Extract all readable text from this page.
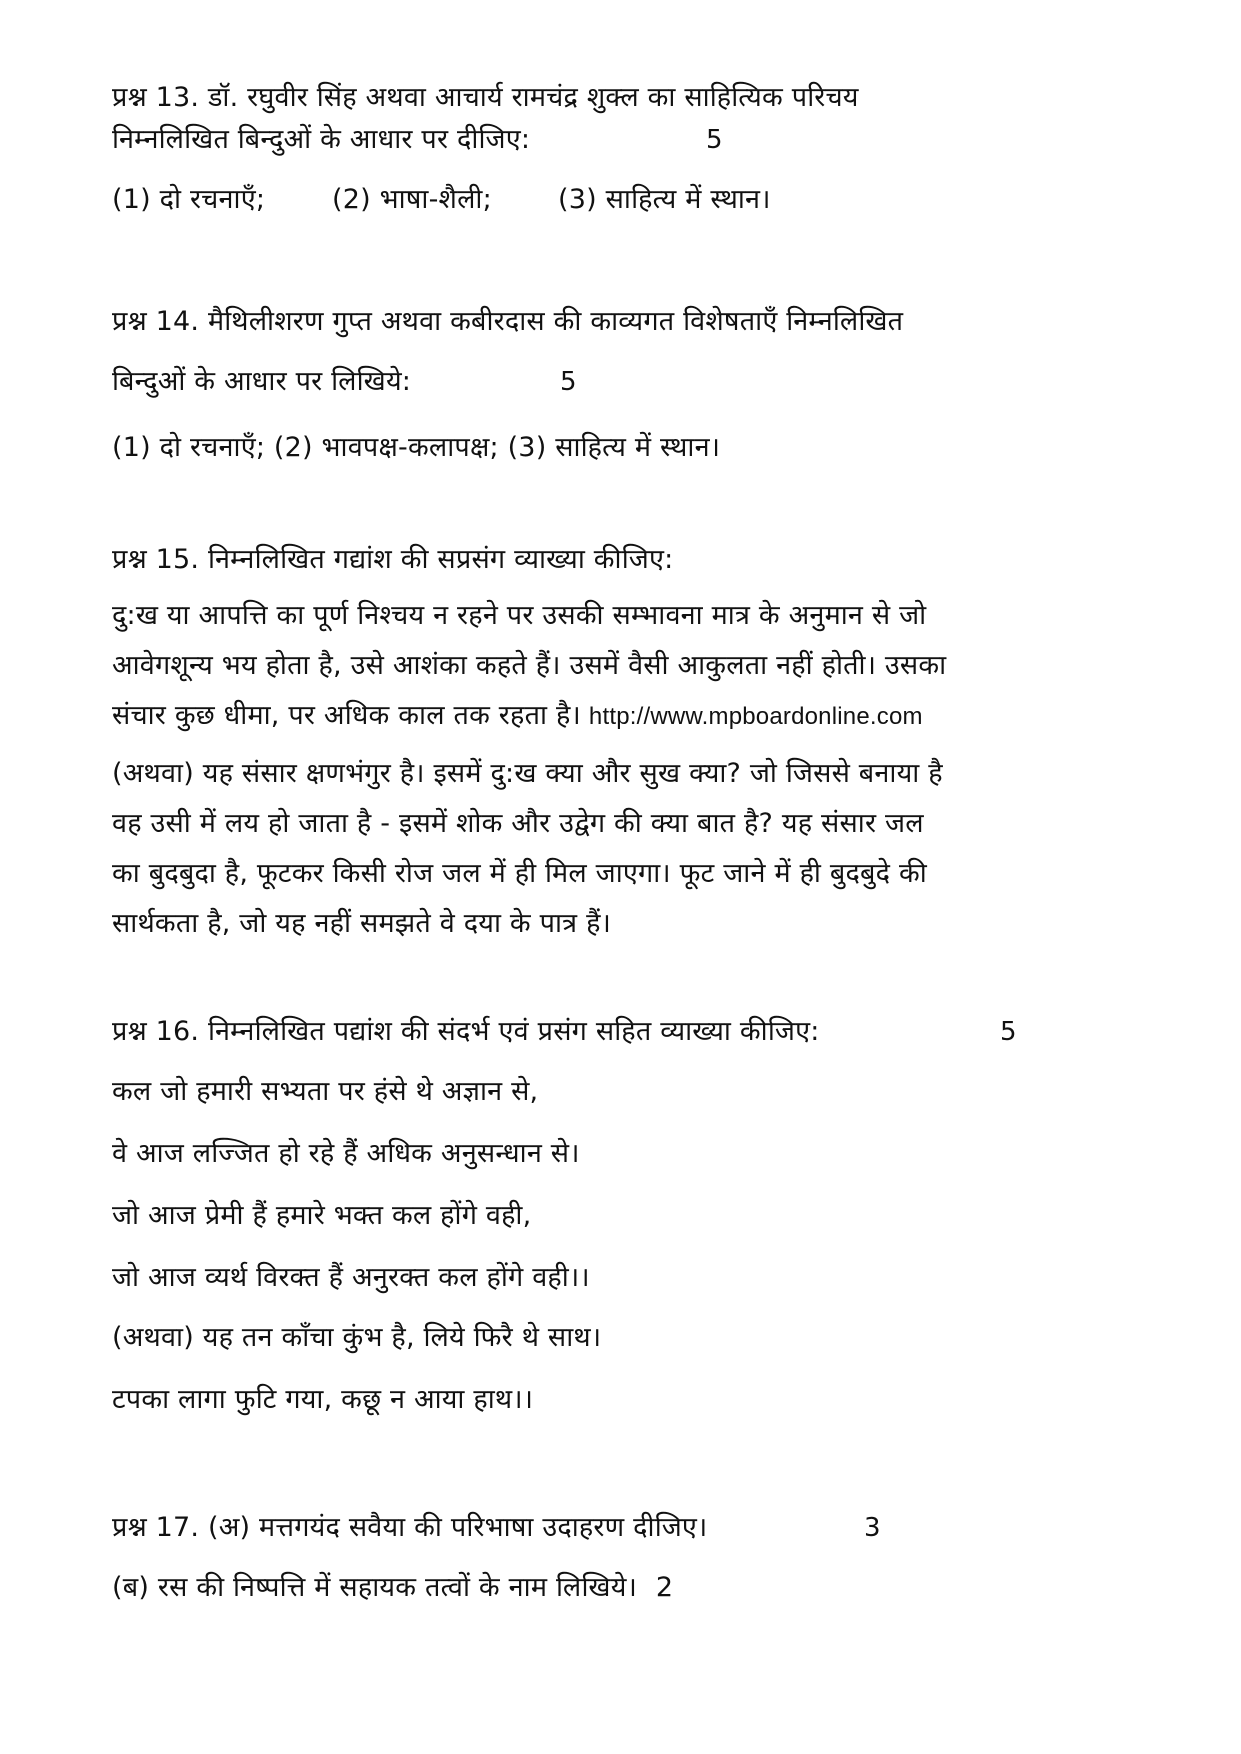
प्रश्न 13. डॉ. रघुवीर सिंह अथवा आचार्य रामचंद्र शुक्ल का साहित्यिक परिचय
निम्नलिखित बिन्दुओं के आधार पर दीजिए:	5
(1) दो रचनाएँ; (2) भाषा-शैली; (3) साहित्य में स्थान।
प्रश्न 14. मैथिलीशरण गुप्त अथवा कबीरदास की काव्यगत विशेषताएँ निम्नलिखित
बिन्दुओं के आधार पर लिखिये:	5
(1) दो रचनाएँ; (2) भावपक्ष-कलापक्ष; (3) साहित्य में स्थान।
प्रश्न 15. निम्नलिखित गद्यांश की सप्रसंग व्याख्या कीजिए:
दु:ख या आपत्ति का पूर्ण निश्चय न रहने पर उसकी सम्भावना मात्र के अनुमान से जो
आवेगशून्य भय होता है, उसे आशंका कहते हैं। उसमें वैसी आकुलता नहीं होती। उसका
संचार कुछ धीमा, पर अधिक काल तक रहता है। http://www.mpboardonline.com
(अथवा) यह संसार क्षणभंगुर है। इसमें दु:ख क्या और सुख क्या? जो जिससे बनाया है
वह उसी में लय हो जाता है - इसमें शोक और उद्वेग की क्या बात है? यह संसार जल
का बुदबुदा है, फूटकर किसी रोज जल में ही मिल जाएगा। फूट जाने में ही बुदबुदे की
सार्थकता है, जो यह नहीं समझते वे दया के पात्र हैं।
प्रश्न 16. निम्नलिखित पद्यांश की संदर्भ एवं प्रसंग सहित व्याख्या कीजिए:	5
कल जो हमारी सभ्यता पर हंसे थे अज्ञान से,
वे आज लज्जित हो रहे हैं अधिक अनुसन्धान से।
जो आज प्रेमी हैं हमारे भक्त कल होंगे वही,
जो आज व्यर्थ विरक्त हैं अनुरक्त कल होंगे वही।।
(अथवा) यह तन काँचा कुंभ है, लिये फिरै थे साथ।
टपका लागा फुटि गया, कछू न आया हाथ।।
प्रश्न 17. (अ) मत्तगयंद सवैया की परिभाषा उदाहरण दीजिए।	3
(ब) रस की निष्पत्ति में सहायक तत्वों के नाम लिखिये। 2
